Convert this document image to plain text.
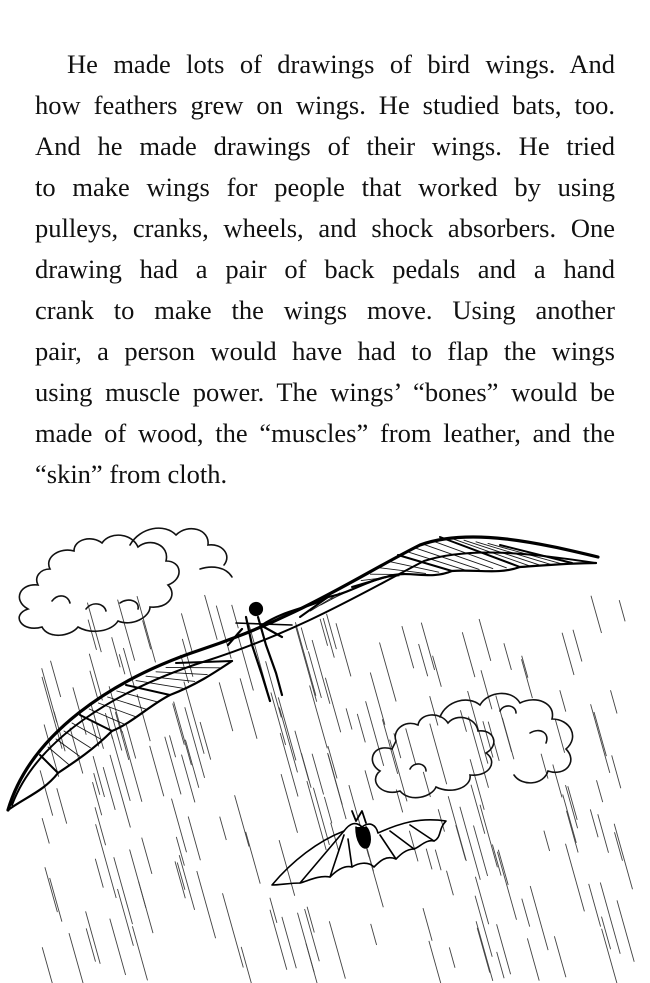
He made lots of drawings of bird wings. And
how feathers grew on wings. He studied bats, too.
And he made drawings of their wings. He tried
to make wings for people that worked by using
pulleys, cranks, wheels, and shock absorbers. One
drawing had a pair of back pedals and a hand
crank to make the wings move. Using another
pair, a person would have had to flap the wings
using muscle power. The wings’ “bones” would be
made of wood, the “muscles” from leather, and the
“skin” from cloth.
